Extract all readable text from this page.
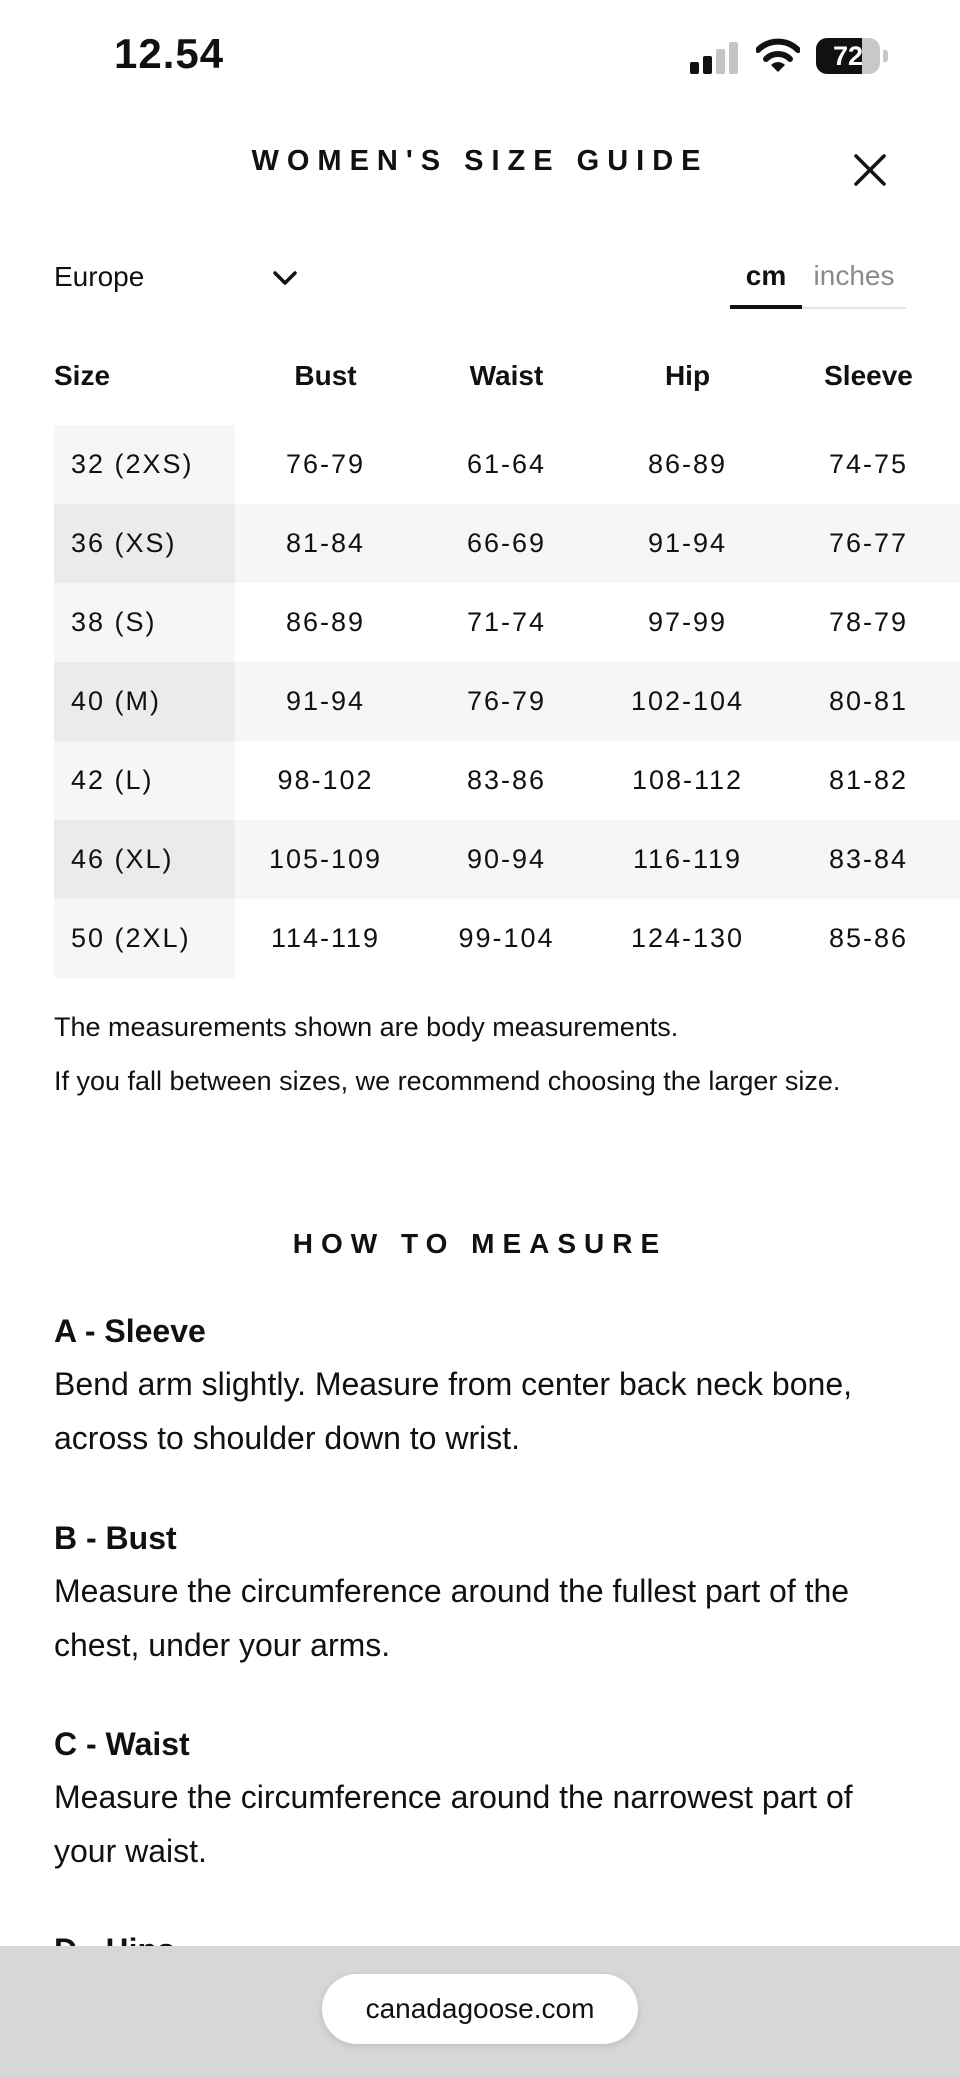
12.54	72
WOMEN'S SIZE GUIDE
Europe	cm inches
Size	Bust	Waist	Hip	Sleeve
32 (2XS)	76-79	61-64	86-89	74-75
36 (XS)	81-84	66-69	91-94	76-77
38 (S)	86-89	71-74	97-99	78-79
40 (M)	91-94	76-79	102-104	80-81
42 (L)	98-102	83-86	108-112	81-82
46 (XL)	105-109	90-94	116-119	83-84
50 (2XL)	114-119	99-104	124-130	85-86
The measurements shown are body measurements.
If you fall between sizes, we recommend choosing the larger size.
HOW TO MEASURE
A - Sleeve
Bend arm slightly. Measure from center back neck bone, across to shoulder down to wrist.
B - Bust
Measure the circumference around the fullest part of the chest, under your arms.
C - Waist
Measure the circumference around the narrowest part of your waist.
canadagoose.com
